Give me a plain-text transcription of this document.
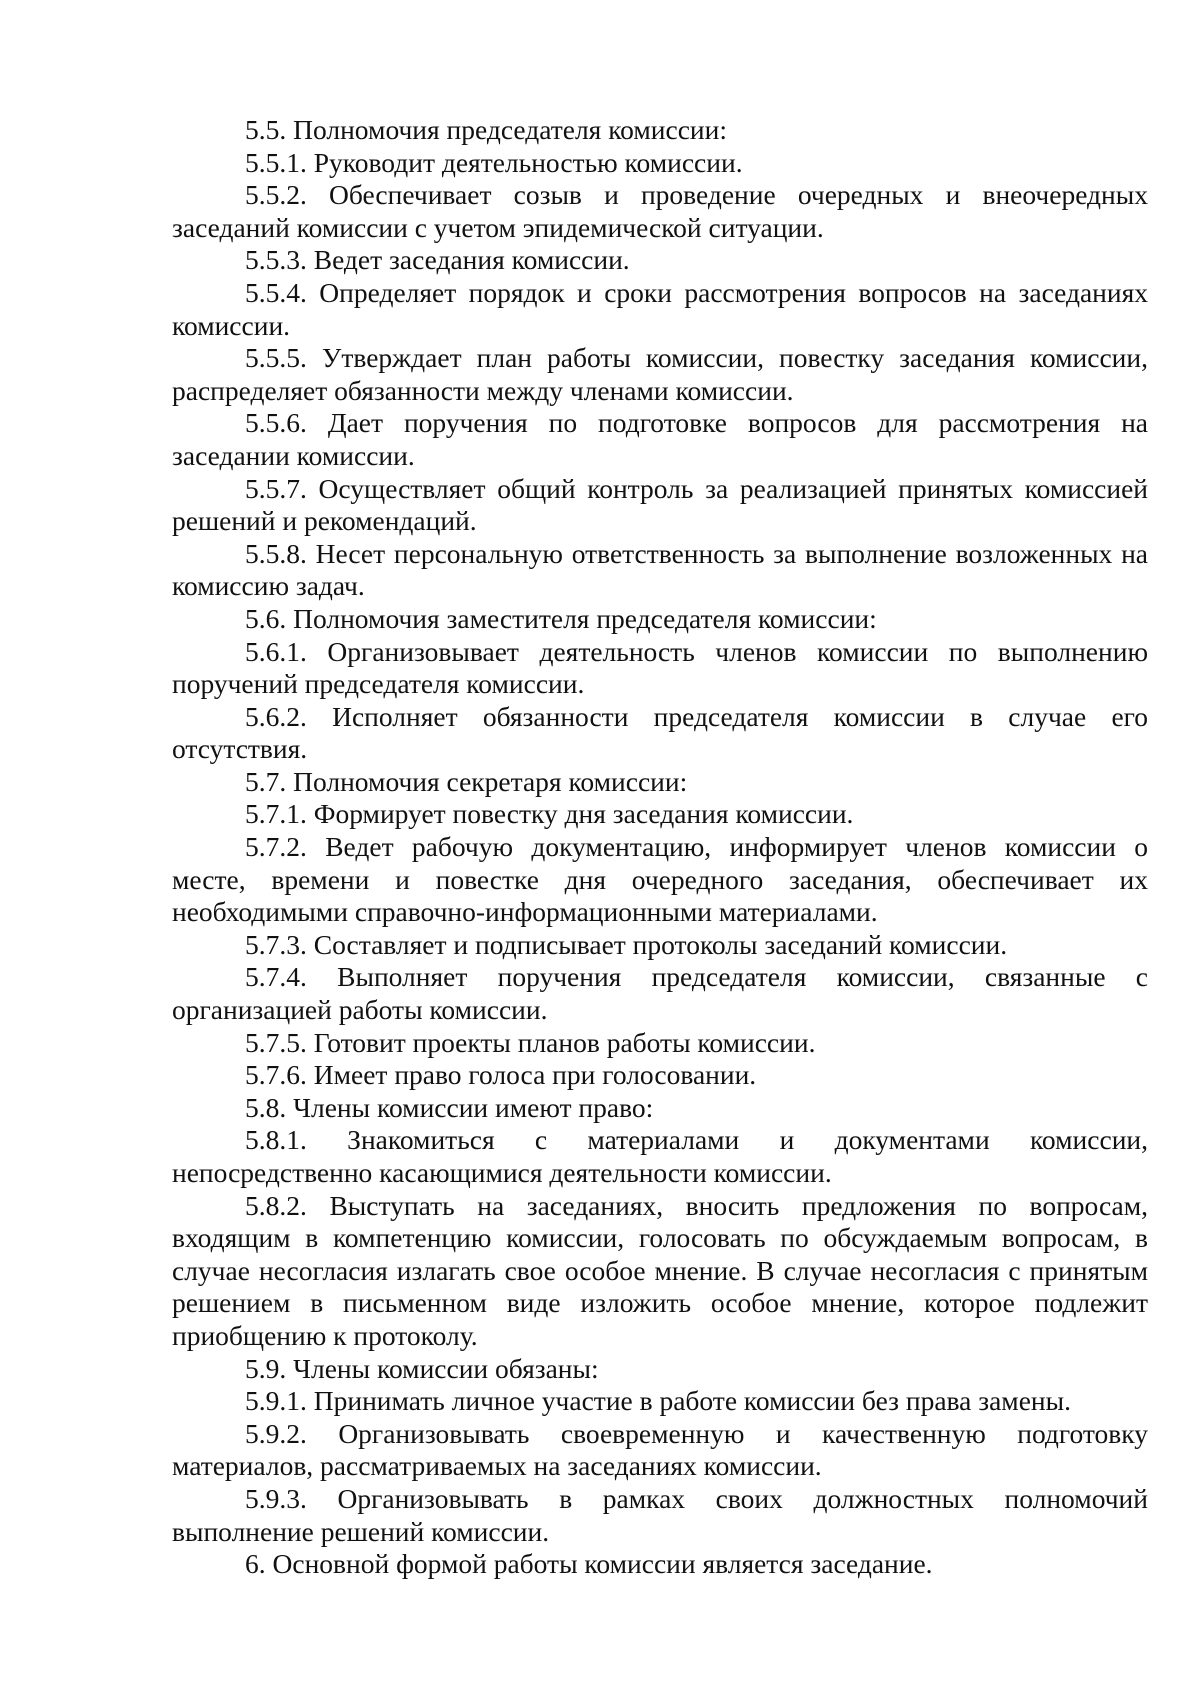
5.5. Полномочия председателя комиссии:

5.5.1. Руководит деятельностью комиссии.

5.5.2. Обеспечивает созыв и проведение очередных и внеочередных заседаний комиссии с учетом эпидемической ситуации.

5.5.3. Ведет заседания комиссии.

5.5.4. Определяет порядок и сроки рассмотрения вопросов на заседаниях комиссии.

5.5.5. Утверждает план работы комиссии, повестку заседания комиссии, распределяет обязанности между членами комиссии.

5.5.6. Дает поручения по подготовке вопросов для рассмотрения на заседании комиссии.

5.5.7. Осуществляет общий контроль за реализацией принятых комиссией решений и рекомендаций.

5.5.8. Несет персональную ответственность за выполнение возложенных на комиссию задач.

5.6. Полномочия заместителя председателя комиссии:

5.6.1. Организовывает деятельность членов комиссии по выполнению поручений председателя комиссии.

5.6.2. Исполняет обязанности председателя комиссии в случае его отсутствия.

5.7. Полномочия секретаря комиссии:

5.7.1. Формирует повестку дня заседания комиссии.

5.7.2. Ведет рабочую документацию, информирует членов комиссии о месте, времени и повестке дня очередного заседания, обеспечивает их необходимыми справочно-информационными материалами.

5.7.3. Составляет и подписывает протоколы заседаний комиссии.

5.7.4. Выполняет поручения председателя комиссии, связанные с организацией работы комиссии.

5.7.5. Готовит проекты планов работы комиссии.

5.7.6. Имеет право голоса при голосовании.

5.8. Члены комиссии имеют право:

5.8.1. Знакомиться с материалами и документами комиссии, непосредственно касающимися деятельности комиссии.

5.8.2. Выступать на заседаниях, вносить предложения по вопросам, входящим в компетенцию комиссии, голосовать по обсуждаемым вопросам, в случае несогласия излагать свое особое мнение. В случае несогласия с принятым решением в письменном виде изложить особое мнение, которое подлежит приобщению к протоколу.

5.9. Члены комиссии обязаны:

5.9.1. Принимать личное участие в работе комиссии без права замены.

5.9.2. Организовывать своевременную и качественную подготовку материалов, рассматриваемых на заседаниях комиссии.

5.9.3. Организовывать в рамках своих должностных полномочий выполнение решений комиссии.

6. Основной формой работы комиссии является заседание.
